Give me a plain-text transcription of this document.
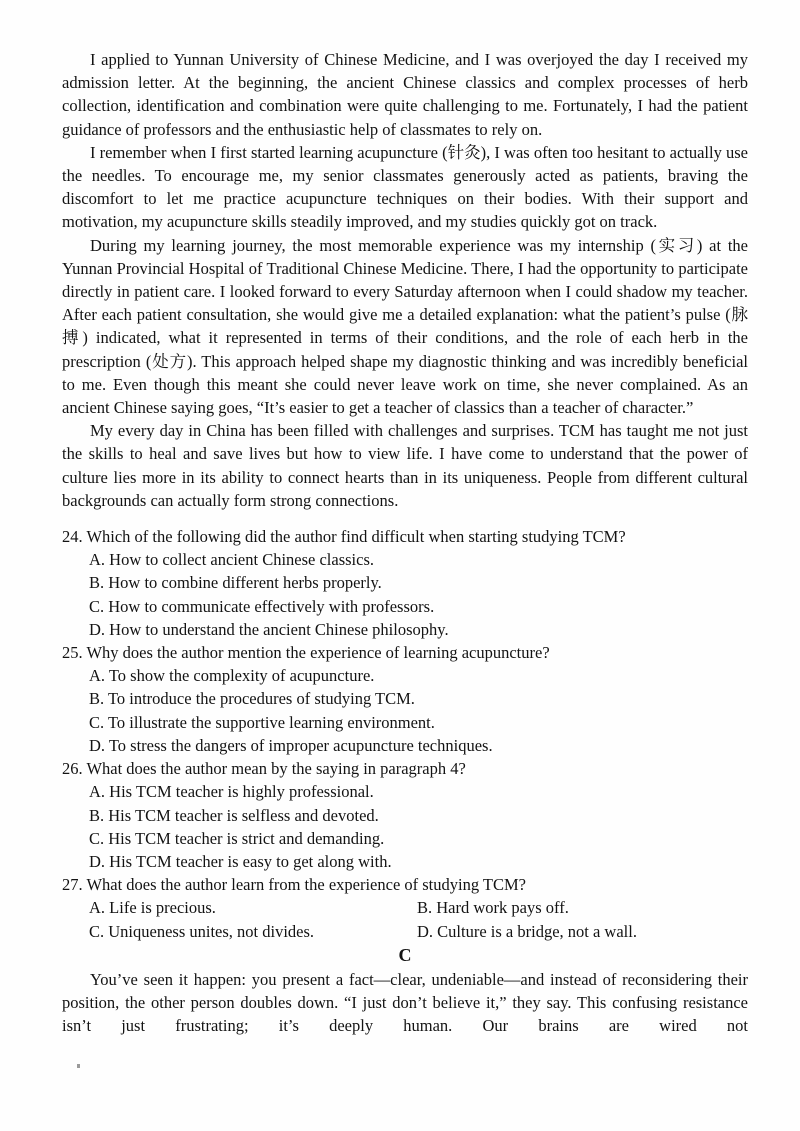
I applied to Yunnan University of Chinese Medicine, and I was overjoyed the day I received my admission letter. At the beginning, the ancient Chinese classics and complex processes of herb collection, identification and combination were quite challenging to me. Fortunately, I had the patient guidance of professors and the enthusiastic help of classmates to rely on.

I remember when I first started learning acupuncture (针灸), I was often too hesitant to actually use the needles. To encourage me, my senior classmates generously acted as patients, braving the discomfort to let me practice acupuncture techniques on their bodies. With their support and motivation, my acupuncture skills steadily improved, and my studies quickly got on track.

During my learning journey, the most memorable experience was my internship (实习) at the Yunnan Provincial Hospital of Traditional Chinese Medicine. There, I had the opportunity to participate directly in patient care. I looked forward to every Saturday afternoon when I could shadow my teacher. After each patient consultation, she would give me a detailed explanation: what the patient’s pulse (脉搏) indicated, what it represented in terms of their conditions, and the role of each herb in the prescription (处方). This approach helped shape my diagnostic thinking and was incredibly beneficial to me. Even though this meant she could never leave work on time, she never complained. As an ancient Chinese saying goes, “It’s easier to get a teacher of classics than a teacher of character.”

My every day in China has been filled with challenges and surprises. TCM has taught me not just the skills to heal and save lives but how to view life. I have come to understand that the power of culture lies more in its ability to connect hearts than in its uniqueness. People from different cultural backgrounds can actually form strong connections.

24. Which of the following did the author find difficult when starting studying TCM?
A. How to collect ancient Chinese classics.
B. How to combine different herbs properly.
C. How to communicate effectively with professors.
D. How to understand the ancient Chinese philosophy.
25. Why does the author mention the experience of learning acupuncture?
A. To show the complexity of acupuncture.
B. To introduce the procedures of studying TCM.
C. To illustrate the supportive learning environment.
D. To stress the dangers of improper acupuncture techniques.
26. What does the author mean by the saying in paragraph 4?
A. His TCM teacher is highly professional.
B. His TCM teacher is selfless and devoted.
C. His TCM teacher is strict and demanding.
D. His TCM teacher is easy to get along with.
27. What does the author learn from the experience of studying TCM?
A. Life is precious.	B. Hard work pays off.
C. Uniqueness unites, not divides.	D. Culture is a bridge, not a wall.
C

You’ve seen it happen: you present a fact—clear, undeniable—and instead of reconsidering their position, the other person doubles down. “I just don’t believe it,” they say. This confusing resistance isn’t just frustrating; it’s deeply human. Our brains are wired not
